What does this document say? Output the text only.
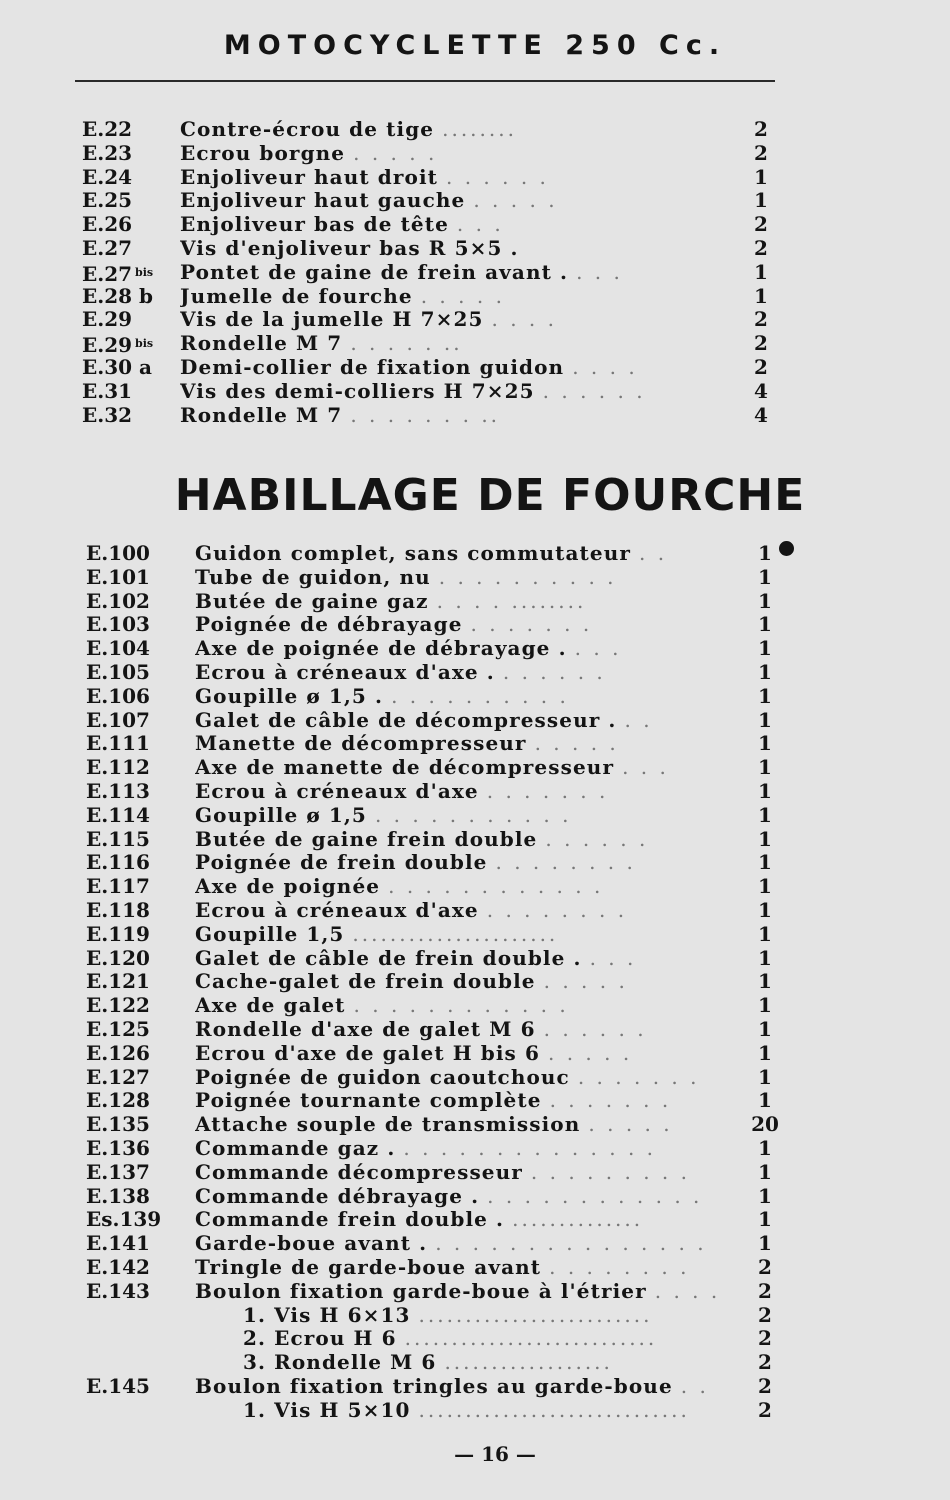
MOTOCYCLETTE 250 Cc.
E.22 Contre-écrou de tige ........	2
E.23 Ecrou borgne . . . . .	2
E.24 Enjoliveur haut droit . . . . . .	1
E.25 Enjoliveur haut gauche . . . . .	1
E.26 Enjoliveur bas de tête . . .	2
E.27 Vis d'enjoliveur bas R 5×5 .	2
E.27 $^{bis}$ Pontet de gaine de frein avant . . . .	1
E.28 b Jumelle de fourche . . . . .	1
E.29 Vis de la jumelle H 7×25 . . . .	2
E.29 $^{bis}$ Rondelle M 7 . . . . . ..	2
E.30 a Demi-collier de fixation guidon . . . .	2
E.31 Vis des demi-colliers H 7×25 . . . . . .	4
E.32 Rondelle M 7 . . . . . . . ..	4
HABILLAGE DE FOURCHE
E.100 Guidon complet, sans commutateur . .	1
E.101 Tube de guidon, nu . . . . . . . . . .	1
E.102 Butée de gaine gaz . . . . ........	1
E.103 Poignée de débrayage . . . . . . .	1
E.104 Axe de poignée de débrayage . . . .	1
E.105 Ecrou à créneaux d'axe . . . . . . .	1
E.106 Goupille ø 1,5 . . . . . . . . . . .	1
E.107 Galet de câble de décompresseur . . .	1
E.111 Manette de décompresseur . . . . .	1
E.112 Axe de manette de décompresseur . . .	1
E.113 Ecrou à créneaux d'axe . . . . . . .	1
E.114 Goupille ø 1,5 . . . . . . . . . . .	1
E.115 Butée de gaine frein double . . . . . .	1
E.116 Poignée de frein double . . . . . . . .	1
E.117 Axe de poignée . . . . . . . . . . . .	1
E.118 Ecrou à créneaux d'axe . . . . . . . .	1
E.119 Goupille 1,5 ......................	1
E.120 Galet de câble de frein double . . . .	1
E.121 Cache-galet de frein double . . . . .	1
E.122 Axe de galet . . . . . . . . . . . .	1
E.125 Rondelle d'axe de galet M 6 . . . . . .	1
E.126 Ecrou d'axe de galet H bis 6 . . . . .	1
E.127 Poignée de guidon caoutchouc . . . . . . .	1
E.128 Poignée tournante complète . . . . . . .	1
E.135 Attache souple de transmission . . . . .	20
E.136 Commande gaz . . . . . . . . . . . . . . .	1
E.137 Commande décompresseur . . . . . . . . .	1
E.138 Commande débrayage . . . . . . . . . . . . .	1
Es.139 Commande frein double . ..............	1
E.141 Garde-boue avant . . . . . . . . . . . . . . . .	1
E.142 Tringle de garde-boue avant . . . . . . . .	2
E.143 Boulon fixation garde-boue à l'étrier . . . .	2
1. Vis H 6×13 .........................	2
2. Ecrou H 6 ...........................	2
3. Rondelle M 6 ..................	2
E.145 Boulon fixation tringles au garde-boue . .	2
1. Vis H 5×10 .............................	2
— 16 —
